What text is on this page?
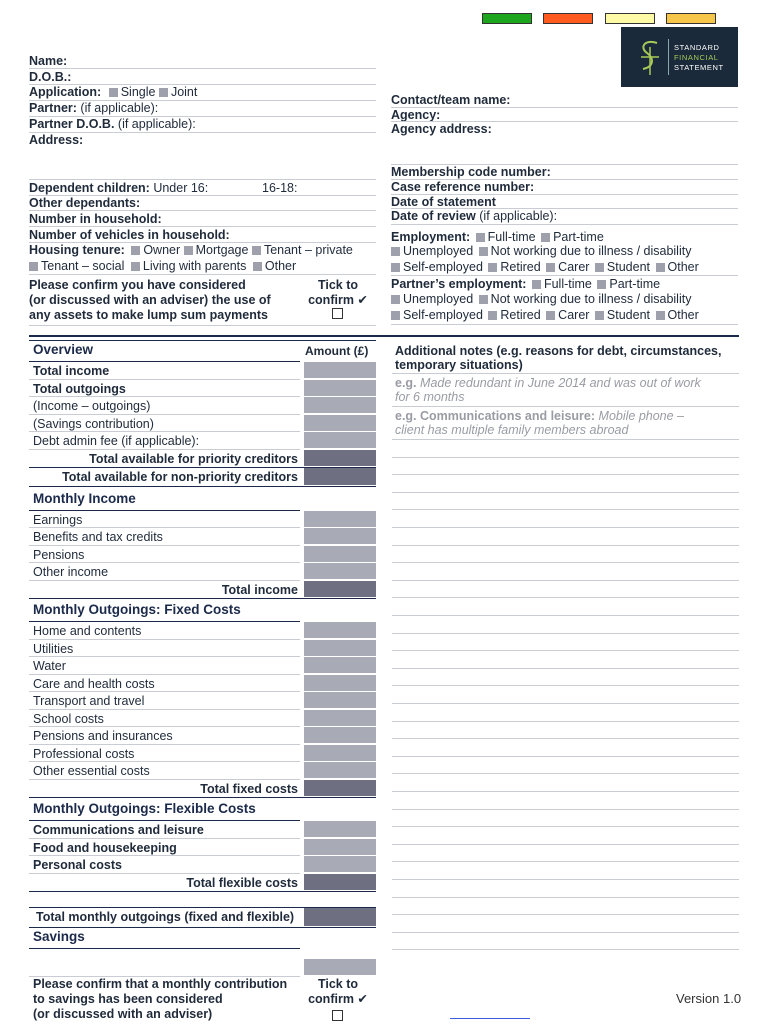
STANDARD
FINANCIAL
STATEMENT
Name:
D.O.B.:
Application: Single Joint
Partner: (if applicable):
Partner D.O.B. (if applicable):
Address:
Dependent children: Under 16:	16-18:
Other dependants:
Number in household:
Number of vehicles in household:
Housing tenure: Owner Mortgage Tenant – private
Tenant – social Living with parents Other
Please confirm you have considered
(or discussed with an adviser) the use of
any assets to make lump sum payments
Tick to
confirm ✔
Contact/team name:
Agency:
Agency address:
Membership code number:
Case reference number:
Date of statement
Date of review (if applicable):
Employment: Full-time Part-time
Unemployed Not working due to illness / disability
Self-employed Retired Carer Student Other
Partner’s employment: Full-time Part-time
Unemployed Not working due to illness / disability
Self-employed Retired Carer Student Other
Overview	Amount (£)
Total income
Total outgoings
(Income – outgoings)
(Savings contribution)
Debt admin fee (if applicable):
Total available for priority creditors
Total available for non-priority creditors
Monthly Income
Earnings
Benefits and tax credits
Pensions
Other income
Total income
Monthly Outgoings: Fixed Costs
Home and contents
Utilities
Water
Care and health costs
Transport and travel
School costs
Pensions and insurances
Professional costs
Other essential costs
Total fixed costs
Monthly Outgoings: Flexible Costs
Communications and leisure
Food and housekeeping
Personal costs
Total flexible costs
Total monthly outgoings (fixed and flexible)
Savings
Please confirm that a monthly contribution
to savings has been considered
(or discussed with an adviser)
Tick to
confirm ✔
Additional notes (e.g. reasons for debt, circumstances,
temporary situations)
e.g. Made redundant in June 2014 and was out of work
for 6 months
e.g. Communications and leisure: Mobile phone –
client has multiple family members abroad
Version 1.0
